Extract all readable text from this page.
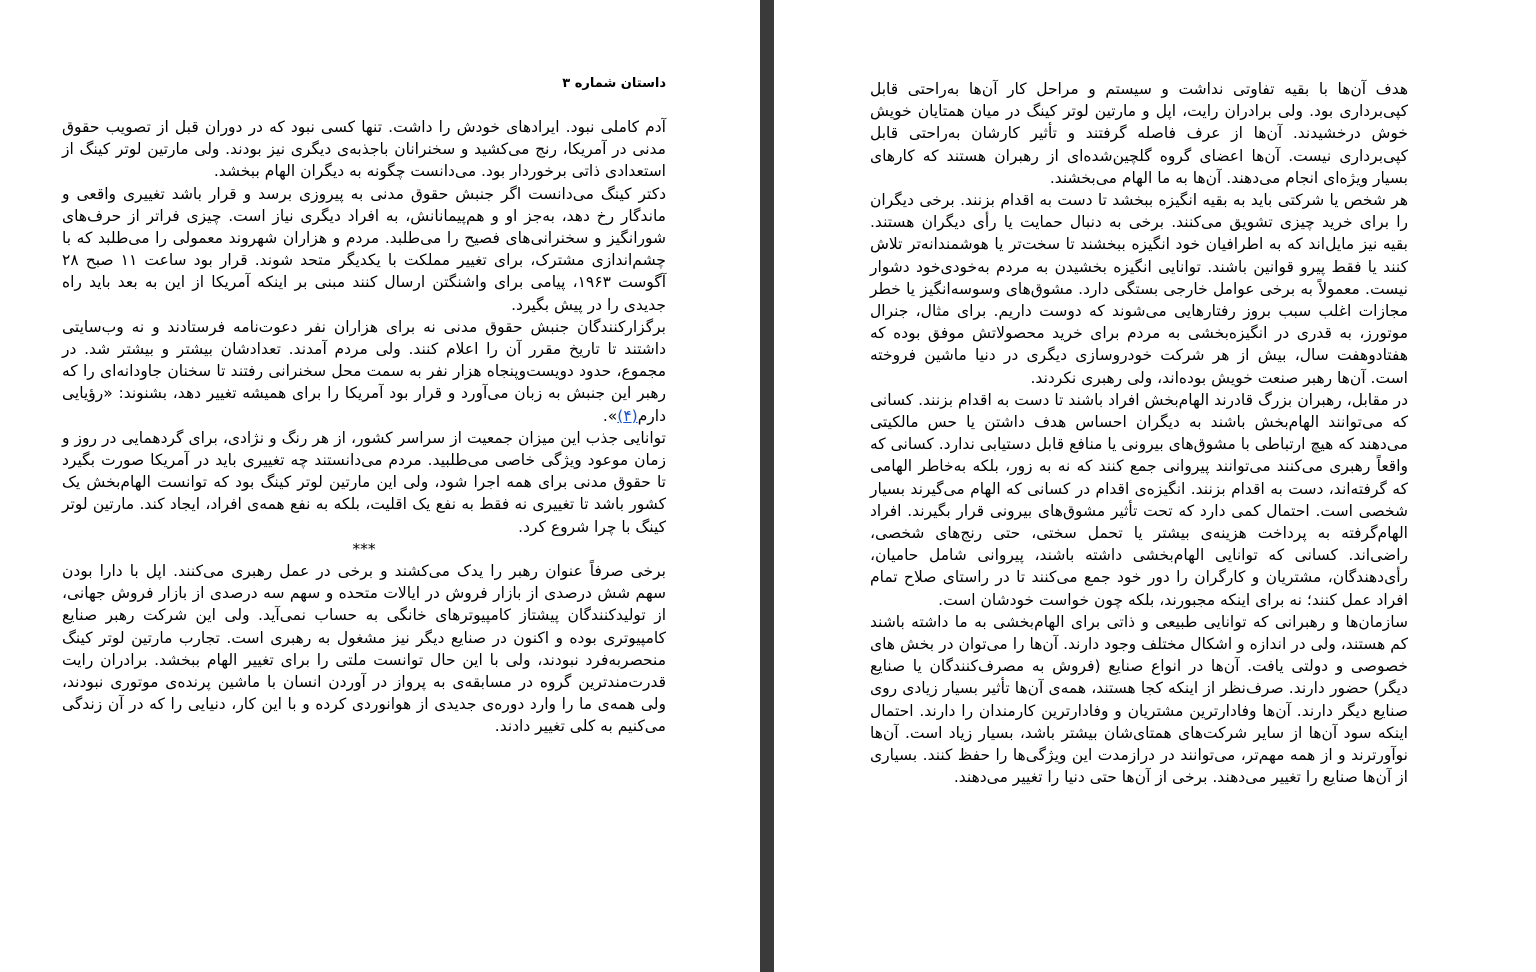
داستان شماره ۳

آدم کاملی نبود. ایرادهای خودش را داشت. تنها کسی نبود که در دوران قبل از تصویب حقوق مدنی در آمریکا، رنج می‌کشید و سخنرانان باجذبه‌ی دیگری نیز بودند. ولی مارتین لوتر کینگ از استعدادی ذاتی برخوردار بود. می‌دانست چگونه به دیگران الهام ببخشد.

دکتر کینگ می‌دانست اگر جنبش حقوق مدنی به پیروزی برسد و قرار باشد تغییری واقعی و ماندگار رخ دهد، به‌جز او و هم‌پیمانانش، به افراد دیگری نیاز است. چیزی فراتر از حرف‌های شورانگیز و سخنرانی‌های فصیح را می‌طلبد. مردم و هزاران شهروند معمولی را می‌طلبد که با چشم‌اندازی مشترک، برای تغییر مملکت با یکدیگر متحد شوند. قرار بود ساعت ۱۱ صبح ۲۸ آگوست ۱۹۶۳، پیامی برای واشنگتن ارسال کنند مبنی بر اینکه آمریکا از این به بعد باید راه جدیدی را در پیش بگیرد.

برگزارکنندگان جنبش حقوق مدنی نه برای هزاران نفر دعوت‌نامه فرستادند و نه وب‌سایتی داشتند تا تاریخ مقرر آن را اعلام کنند. ولی مردم آمدند. تعدادشان بیشتر و بیشتر شد. در مجموع، حدود دویست‌وپنجاه هزار نفر به سمت محل سخنرانی رفتند تا سخنان جاودانه‌ای را که رهبر این جنبش به زبان می‌آورد و قرار بود آمریکا را برای همیشه تغییر دهد، بشنوند: «رؤیایی دارم(۴)».

توانایی جذب این میزان جمعیت از سراسر کشور، از هر رنگ و نژادی، برای گردهمایی در روز و زمان موعود ویژگی خاصی می‌طلبید. مردم می‌دانستند چه تغییری باید در آمریکا صورت بگیرد تا حقوق مدنی برای همه اجرا شود، ولی این مارتین لوتر کینگ بود که توانست الهام‌بخش یک کشور باشد تا تغییری نه فقط به نفع یک اقلیت، بلکه به نفع همه‌ی افراد، ایجاد کند. مارتین لوتر کینگ با چرا شروع کرد.

***

برخی صرفاً عنوان رهبر را یدک می‌کشند و برخی در عمل رهبری می‌کنند. اپل با دارا بودن سهم شش درصدی از بازار فروش در ایالات متحده و سهم سه درصدی از بازار فروش جهانی، از تولیدکنندگان پیشتاز کامپیوترهای خانگی به حساب نمی‌آید. ولی این شرکت رهبر صنایع کامپیوتری بوده و اکنون در صنایع دیگر نیز مشغول به رهبری است. تجارب مارتین لوتر کینگ منحصربه‌فرد نبودند، ولی با این حال توانست ملتی را برای تغییر الهام ببخشد. برادران رایت قدرت‌مندترین گروه در مسابقه‌ی به پرواز در آوردن انسان با ماشین پرنده‌ی موتوری نبودند، ولی همه‌ی ما را وارد دوره‌ی جدیدی از هوانوردی کرده و با این کار، دنیایی را که در آن زندگی می‌کنیم به کلی تغییر دادند.

هدف آن‌ها با بقیه تفاوتی نداشت و سیستم و مراحل کار آن‌ها به‌راحتی قابل کپی‌برداری بود. ولی برادران رایت، اپل و مارتین لوتر کینگ در میان همتایان خویش خوش درخشیدند. آن‌ها از عرف فاصله گرفتند و تأثیر کارشان به‌راحتی قابل کپی‌برداری نیست. آن‌ها اعضای گروه گلچین‌شده‌ای از رهبران هستند که کارهای بسیار ویژه‌ای انجام می‌دهند. آن‌ها به ما الهام می‌بخشند.

هر شخص یا شرکتی باید به بقیه انگیزه ببخشد تا دست به اقدام بزنند. برخی دیگران را برای خرید چیزی تشویق می‌کنند. برخی به دنبال حمایت یا رأی دیگران هستند. بقیه نیز مایل‌اند که به اطرافیان خود انگیزه ببخشند تا سخت‌تر یا هوشمندانه‌تر تلاش کنند یا فقط پیرو قوانین باشند. توانایی انگیزه بخشیدن به مردم به‌خودی‌خود دشوار نیست. معمولاً به برخی عوامل خارجی بستگی دارد. مشوق‌های وسوسه‌انگیز یا خطر مجازات اغلب سبب بروز رفتارهایی می‌شوند که دوست داریم. برای مثال، جنرال موتورز، به قدری در انگیزه‌بخشی به مردم برای خرید محصولاتش موفق بوده که هفتادوهفت سال، بیش از هر شرکت خودروسازی دیگری در دنیا ماشین فروخته است. آن‌ها رهبر صنعت خویش بوده‌اند، ولی رهبری نکردند.

در مقابل، رهبران بزرگ قادرند الهام‌بخش افراد باشند تا دست به اقدام بزنند. کسانی که می‌توانند الهام‌بخش باشند به دیگران احساس هدف داشتن یا حس مالکیتی می‌دهند که هیچ ارتباطی با مشوق‌های بیرونی یا منافع قابل دستیابی ندارد. کسانی که واقعاً رهبری می‌کنند می‌توانند پیروانی جمع کنند که نه به زور، بلکه به‌خاطر الهامی که گرفته‌اند، دست به اقدام بزنند. انگیزه‌ی اقدام در کسانی که الهام می‌گیرند بسیار شخصی است. احتمال کمی دارد که تحت تأثیر مشوق‌های بیرونی قرار بگیرند. افراد الهام‌گرفته به پرداخت هزینه‌ی بیشتر یا تحمل سختی، حتی رنج‌های شخصی، راضی‌اند. کسانی که توانایی الهام‌بخشی داشته باشند، پیروانی شامل حامیان، رأی‌دهندگان، مشتریان و کارگران را دور خود جمع می‌کنند تا در راستای صلاح تمام افراد عمل کنند؛ نه برای اینکه مجبورند، بلکه چون خواست خودشان است.

سازمان‌ها و رهبرانی که توانایی طبیعی و ذاتی برای الهام‌بخشی به ما داشته باشند کم هستند، ولی در اندازه و اشکال مختلف وجود دارند. آن‌ها را می‌توان در بخش های خصوصی و دولتی یافت. آن‌ها در انواع صنایع (فروش به مصرف‌کنندگان یا صنایع دیگر) حضور دارند. صرف‌نظر از اینکه کجا هستند، همه‌ی آن‌ها تأثیر بسیار زیادی روی صنایع دیگر دارند. آن‌ها وفادارترین مشتریان و وفادارترین کارمندان را دارند. احتمال اینکه سود آن‌ها از سایر شرکت‌های همتای‌شان بیشتر باشد، بسیار زیاد است. آن‌ها نوآورترند و از همه مهم‌تر، می‌توانند در درازمدت این ویژگی‌ها را حفظ کنند. بسیاری از آن‌ها صنایع را تغییر می‌دهند. برخی از آن‌ها حتی دنیا را تغییر می‌دهند.
